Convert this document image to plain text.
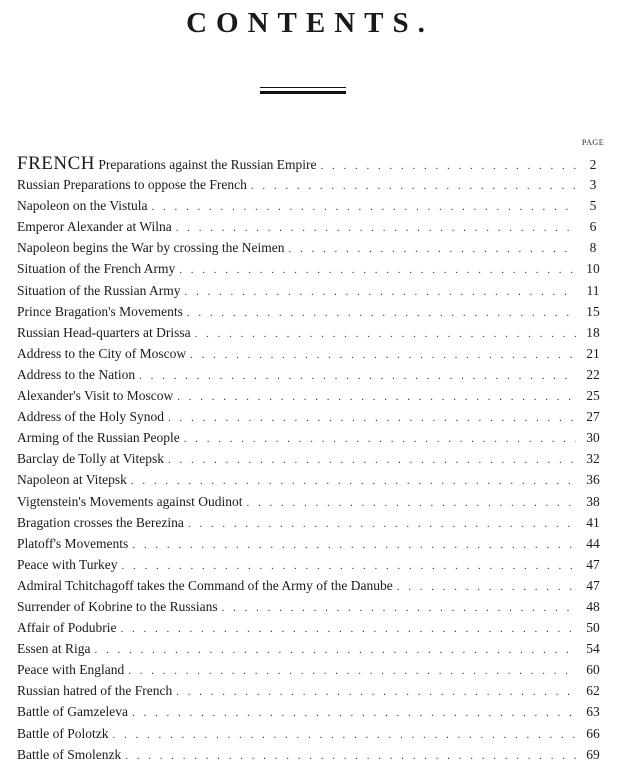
CONTENTS.
PAGE
FRENCH Preparations against the Russian Empire . . .	2
Russian Preparations to oppose the French . . .	3
Napoleon on the Vistula . . .	5
Emperor Alexander at Wilna . . .	6
Napoleon begins the War by crossing the Neimen . . .	8
Situation of the French Army . . .	10
Situation of the Russian Army . . .	11
Prince Bragation's Movements . . .	15
Russian Head-quarters at Drissa . . .	18
Address to the City of Moscow . . .	21
Address to the Nation . . .	22
Alexander's Visit to Moscow . . .	25
Address of the Holy Synod . . .	27
Arming of the Russian People . . .	30
Barclay de Tolly at Vitepsk . . .	32
Napoleon at Vitepsk . . .	36
Vigtenstein's Movements against Oudinot . . .	38
Bragation crosses the Berezina . . .	41
Platoff's Movements . . .	44
Peace with Turkey . . .	47
Admiral Tchitchagoff takes the Command of the Army of the Danube . . .	47
Surrender of Kobrine to the Russians . . .	48
Affair of Podubrie . . .	50
Essen at Riga . . .	54
Peace with England . . .	60
Russian hatred of the French . . .	62
Battle of Gamzeleva . . .	63
Battle of Polotzk . . .	66
Battle of Smolenzk . . .	69
